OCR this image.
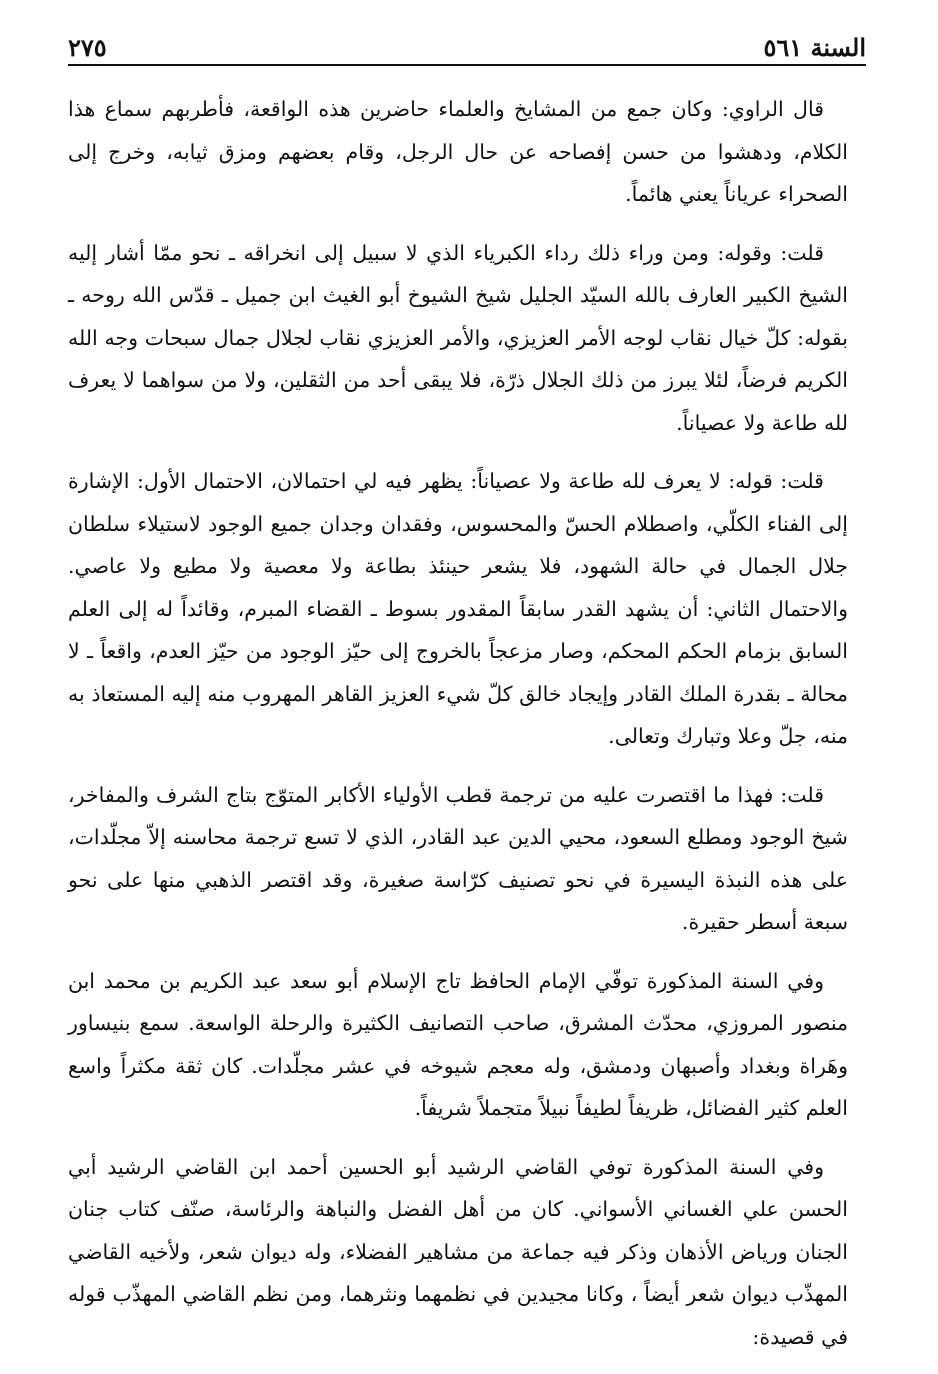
٢٧٥	السنة ٥٦١

قال الراوي: وكان جمع من المشايخ والعلماء حاضرين هذه الواقعة، فأطربهم سماع هذا الكلام، ودهشوا من حسن إفصاحه عن حال الرجل، وقام بعضهم ومزق ثيابه، وخرج إلى الصحراء عرياناً يعني هائماً.

قلت: وقوله: ومن وراء ذلك رداء الكبرياء الذي لا سبيل إلى انخراقه ـ نحو ممّا أشار إليه الشيخ الكبير العارف بالله السيّد الجليل شيخ الشيوخ أبو الغيث ابن جميل ـ قدّس الله روحه ـ بقوله: كلّ خيال نقاب لوجه الأمر العزيزي، والأمر العزيزي نقاب لجلال جمال سبحات وجه الله الكريم فرضاً، لئلا يبرز من ذلك الجلال ذرّة، فلا يبقى أحد من الثقلين، ولا من سواهما لا يعرف لله طاعة ولا عصياناً.

قلت: قوله: لا يعرف لله طاعة ولا عصياناً: يظهر فيه لي احتمالان، الاحتمال الأول: الإشارة إلى الفناء الكلّي، واصطلام الحسّ والمحسوس، وفقدان وجدان جميع الوجود لاستيلاء سلطان جلال الجمال في حالة الشهود، فلا يشعر حينئذ بطاعة ولا معصية ولا مطيع ولا عاصي. والاحتمال الثاني: أن يشهد القدر سابقاً المقدور بسوط ـ القضاء المبرم، وقائداً له إلى العلم السابق بزمام الحكم المحكم، وصار مزعجاً بالخروج إلى حيّز الوجود من حيّز العدم، واقعاً ـ لا محالة ـ بقدرة الملك القادر وإيجاد خالق كلّ شيء العزيز القاهر المهروب منه إليه المستعاذ به منه، جلّ وعلا وتبارك وتعالى.

قلت: فهذا ما اقتصرت عليه من ترجمة قطب الأولياء الأكابر المتوّج بتاج الشرف والمفاخر، شيخ الوجود ومطلع السعود، محيي الدين عبد القادر، الذي لا تسع ترجمة محاسنه إلاّ مجلّدات، على هذه النبذة اليسيرة في نحو تصنيف كرّاسة صغيرة، وقد اقتصر الذهبي منها على نحو سبعة أسطر حقيرة.

وفي السنة المذكورة توفّي الإمام الحافظ تاج الإسلام أبو سعد عبد الكريم بن محمد ابن منصور المروزي، محدّث المشرق، صاحب التصانيف الكثيرة والرحلة الواسعة. سمع بنيساور وهَراة وبغداد وأصبهان ودمشق، وله معجم شيوخه في عشر مجلّدات. كان ثقة مكثراً واسع العلم كثير الفضائل، ظريفاً لطيفاً نبيلاً متجملاً شريفاً.

وفي السنة المذكورة توفي القاضي الرشيد أبو الحسين أحمد ابن القاضي الرشيد أبي الحسن علي الغساني الأسواني. كان من أهل الفضل والنباهة والرئاسة، صنّف كتاب جنان الجنان ورياض الأذهان وذكر فيه جماعة من مشاهير الفضلاء، وله ديوان شعر، ولأخيه القاضي المهذّب ديوان شعر أيضاً ، وكانا مجيدين في نظمهما ونثرهما، ومن نظم القاضي المهذّب قوله في قصيدة:
